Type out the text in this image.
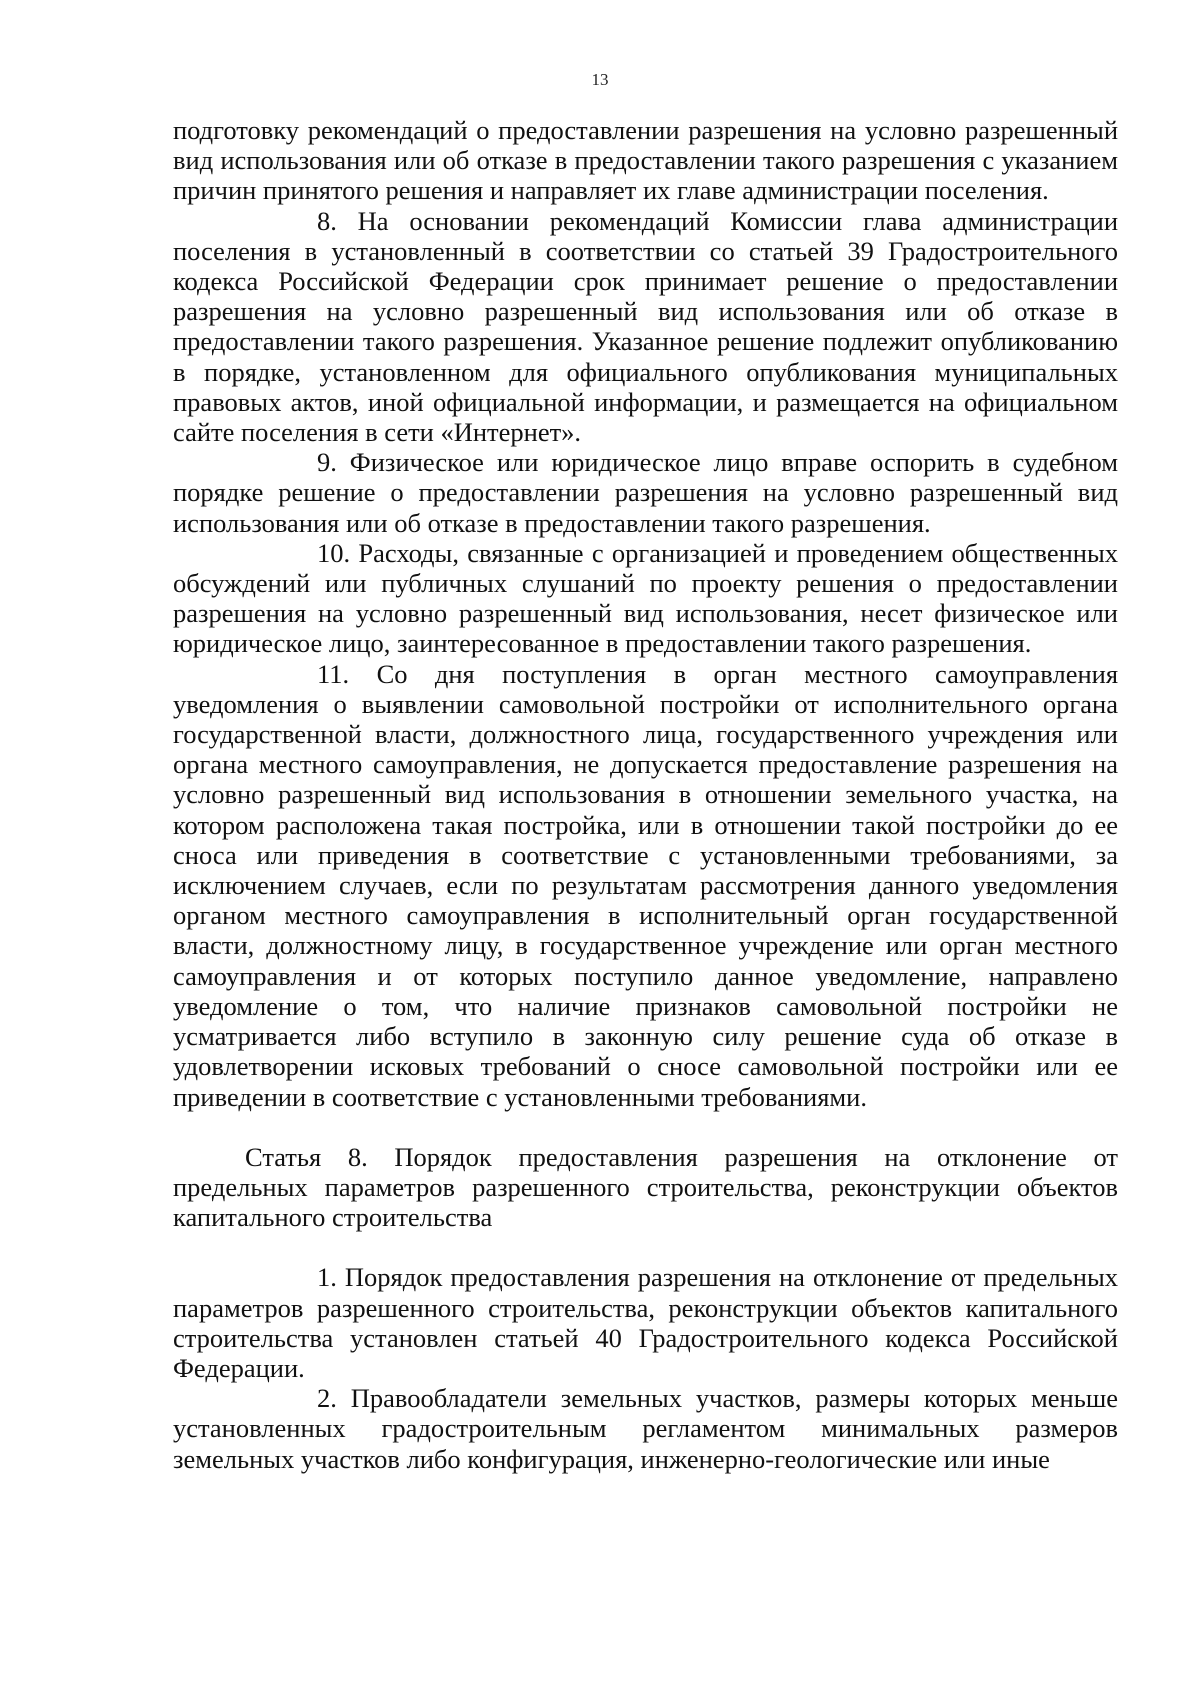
13

подготовку рекомендаций о предоставлении разрешения на условно разрешенный вид использования или об отказе в предоставлении такого разрешения с указанием причин принятого решения и направляет их главе администрации поселения.

8. На основании рекомендаций Комиссии глава администрации поселения в установленный в соответствии со статьей 39 Градостроительного кодекса Российской Федерации срок принимает решение о предоставлении разрешения на условно разрешенный вид использования или об отказе в предоставлении такого разрешения. Указанное решение подлежит опубликованию в порядке, установленном для официального опубликования муниципальных правовых актов, иной официальной информации, и размещается на официальном сайте поселения в сети «Интернет».

9. Физическое или юридическое лицо вправе оспорить в судебном порядке решение о предоставлении разрешения на условно разрешенный вид использования или об отказе в предоставлении такого разрешения.

10. Расходы, связанные с организацией и проведением общественных обсуждений или публичных слушаний по проекту решения о предоставлении разрешения на условно разрешенный вид использования, несет физическое или юридическое лицо, заинтересованное в предоставлении такого разрешения.

11. Со дня поступления в орган местного самоуправления уведомления о выявлении самовольной постройки от исполнительного органа государственной власти, должностного лица, государственного учреждения или органа местного самоуправления, не допускается предоставление разрешения на условно разрешенный вид использования в отношении земельного участка, на котором расположена такая постройка, или в отношении такой постройки до ее сноса или приведения в соответствие с установленными требованиями, за исключением случаев, если по результатам рассмотрения данного уведомления органом местного самоуправления в исполнительный орган государственной власти, должностному лицу, в государственное учреждение или орган местного самоуправления и от которых поступило данное уведомление, направлено уведомление о том, что наличие признаков самовольной постройки не усматривается либо вступило в законную силу решение суда об отказе в удовлетворении исковых требований о сносе самовольной постройки или ее приведении в соответствие с установленными требованиями.

Статья 8. Порядок предоставления разрешения на отклонение от предельных параметров разрешенного строительства, реконструкции объектов капитального строительства

1. Порядок предоставления разрешения на отклонение от предельных параметров разрешенного строительства, реконструкции объектов капитального строительства установлен статьей 40 Градостроительного кодекса Российской Федерации.

2. Правообладатели земельных участков, размеры которых меньше установленных градостроительным регламентом минимальных размеров земельных участков либо конфигурация, инженерно-геологические или иные
